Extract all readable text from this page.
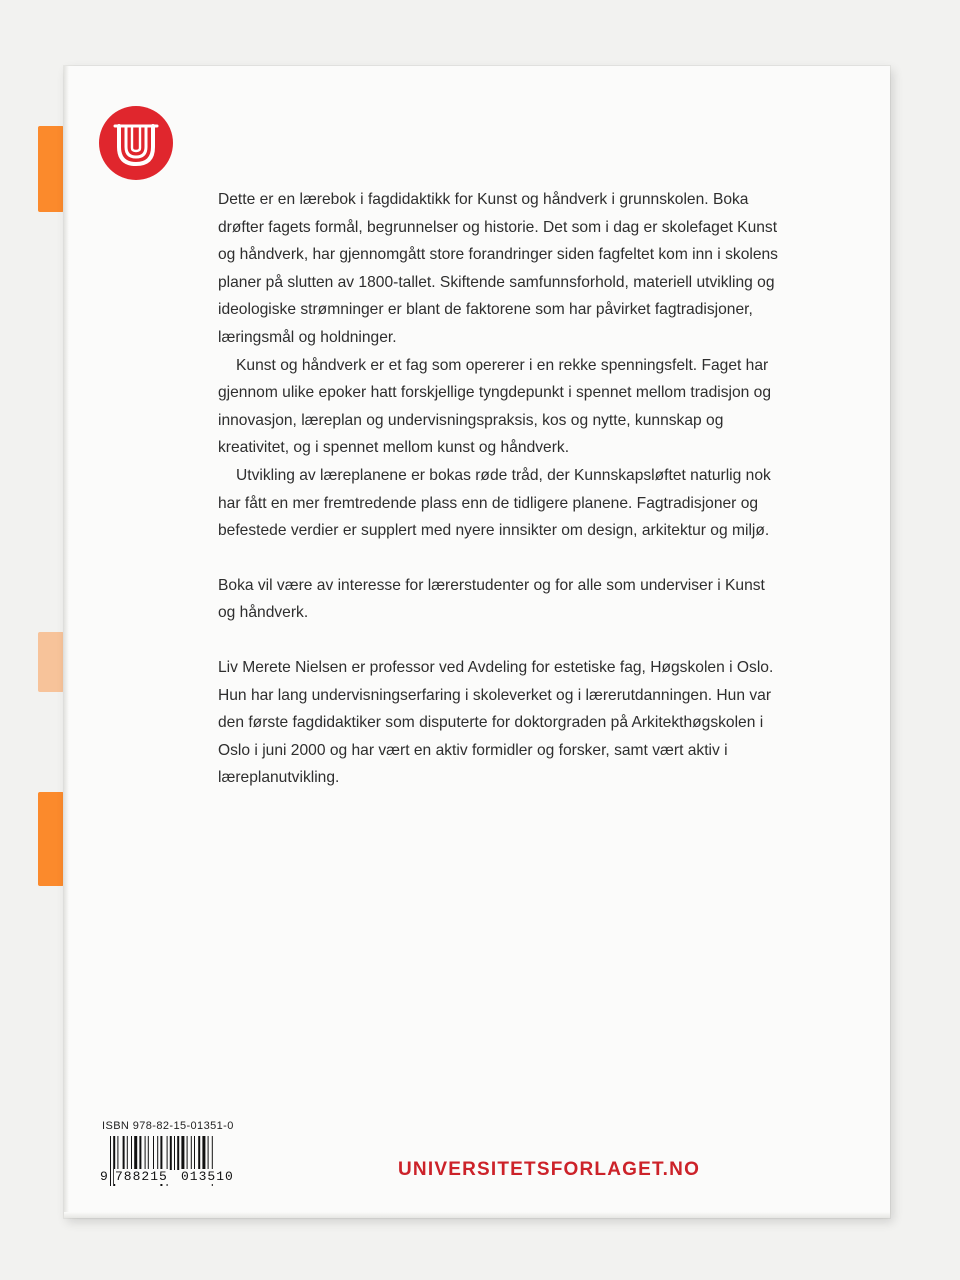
Dette er en lærebok i fagdidaktikk for Kunst og håndverk i grunnskolen. Boka drøfter fagets formål, begrunnelser og historie. Det som i dag er skolefaget Kunst og håndverk, har gjennomgått store forandringer siden fagfeltet kom inn i skolens planer på slutten av 1800-tallet. Skiftende samfunnsforhold, materiell utvikling og ideologiske strømninger er blant de faktorene som har påvirket fagtradisjoner, læringsmål og holdninger.

Kunst og håndverk er et fag som opererer i en rekke spenningsfelt. Faget har gjennom ulike epoker hatt forskjellige tyngdepunkt i spennet mellom tradisjon og innovasjon, læreplan og undervisningspraksis, kos og nytte, kunnskap og kreativitet, og i spennet mellom kunst og håndverk.

Utvikling av læreplanene er bokas røde tråd, der Kunnskapsløftet naturlig nok har fått en mer fremtredende plass enn de tidligere planene. Fagtradisjoner og befestede verdier er supplert med nyere innsikter om design, arkitektur og miljø.

Boka vil være av interesse for lærerstudenter og for alle som underviser i Kunst og håndverk.

Liv Merete Nielsen er professor ved Avdeling for estetiske fag, Høgskolen i Oslo. Hun har lang undervisningserfaring i skoleverket og i lærerutdanningen. Hun var den første fagdidaktiker som disputerte for doktorgraden på Arkitekthøgskolen i Oslo i juni 2000 og har vært en aktiv formidler og forsker, samt vært aktiv i læreplanutvikling.

ISBN 978-82-15-01351-0
9 788215 013510	UNIVERSITETSFORLAGET.NO
